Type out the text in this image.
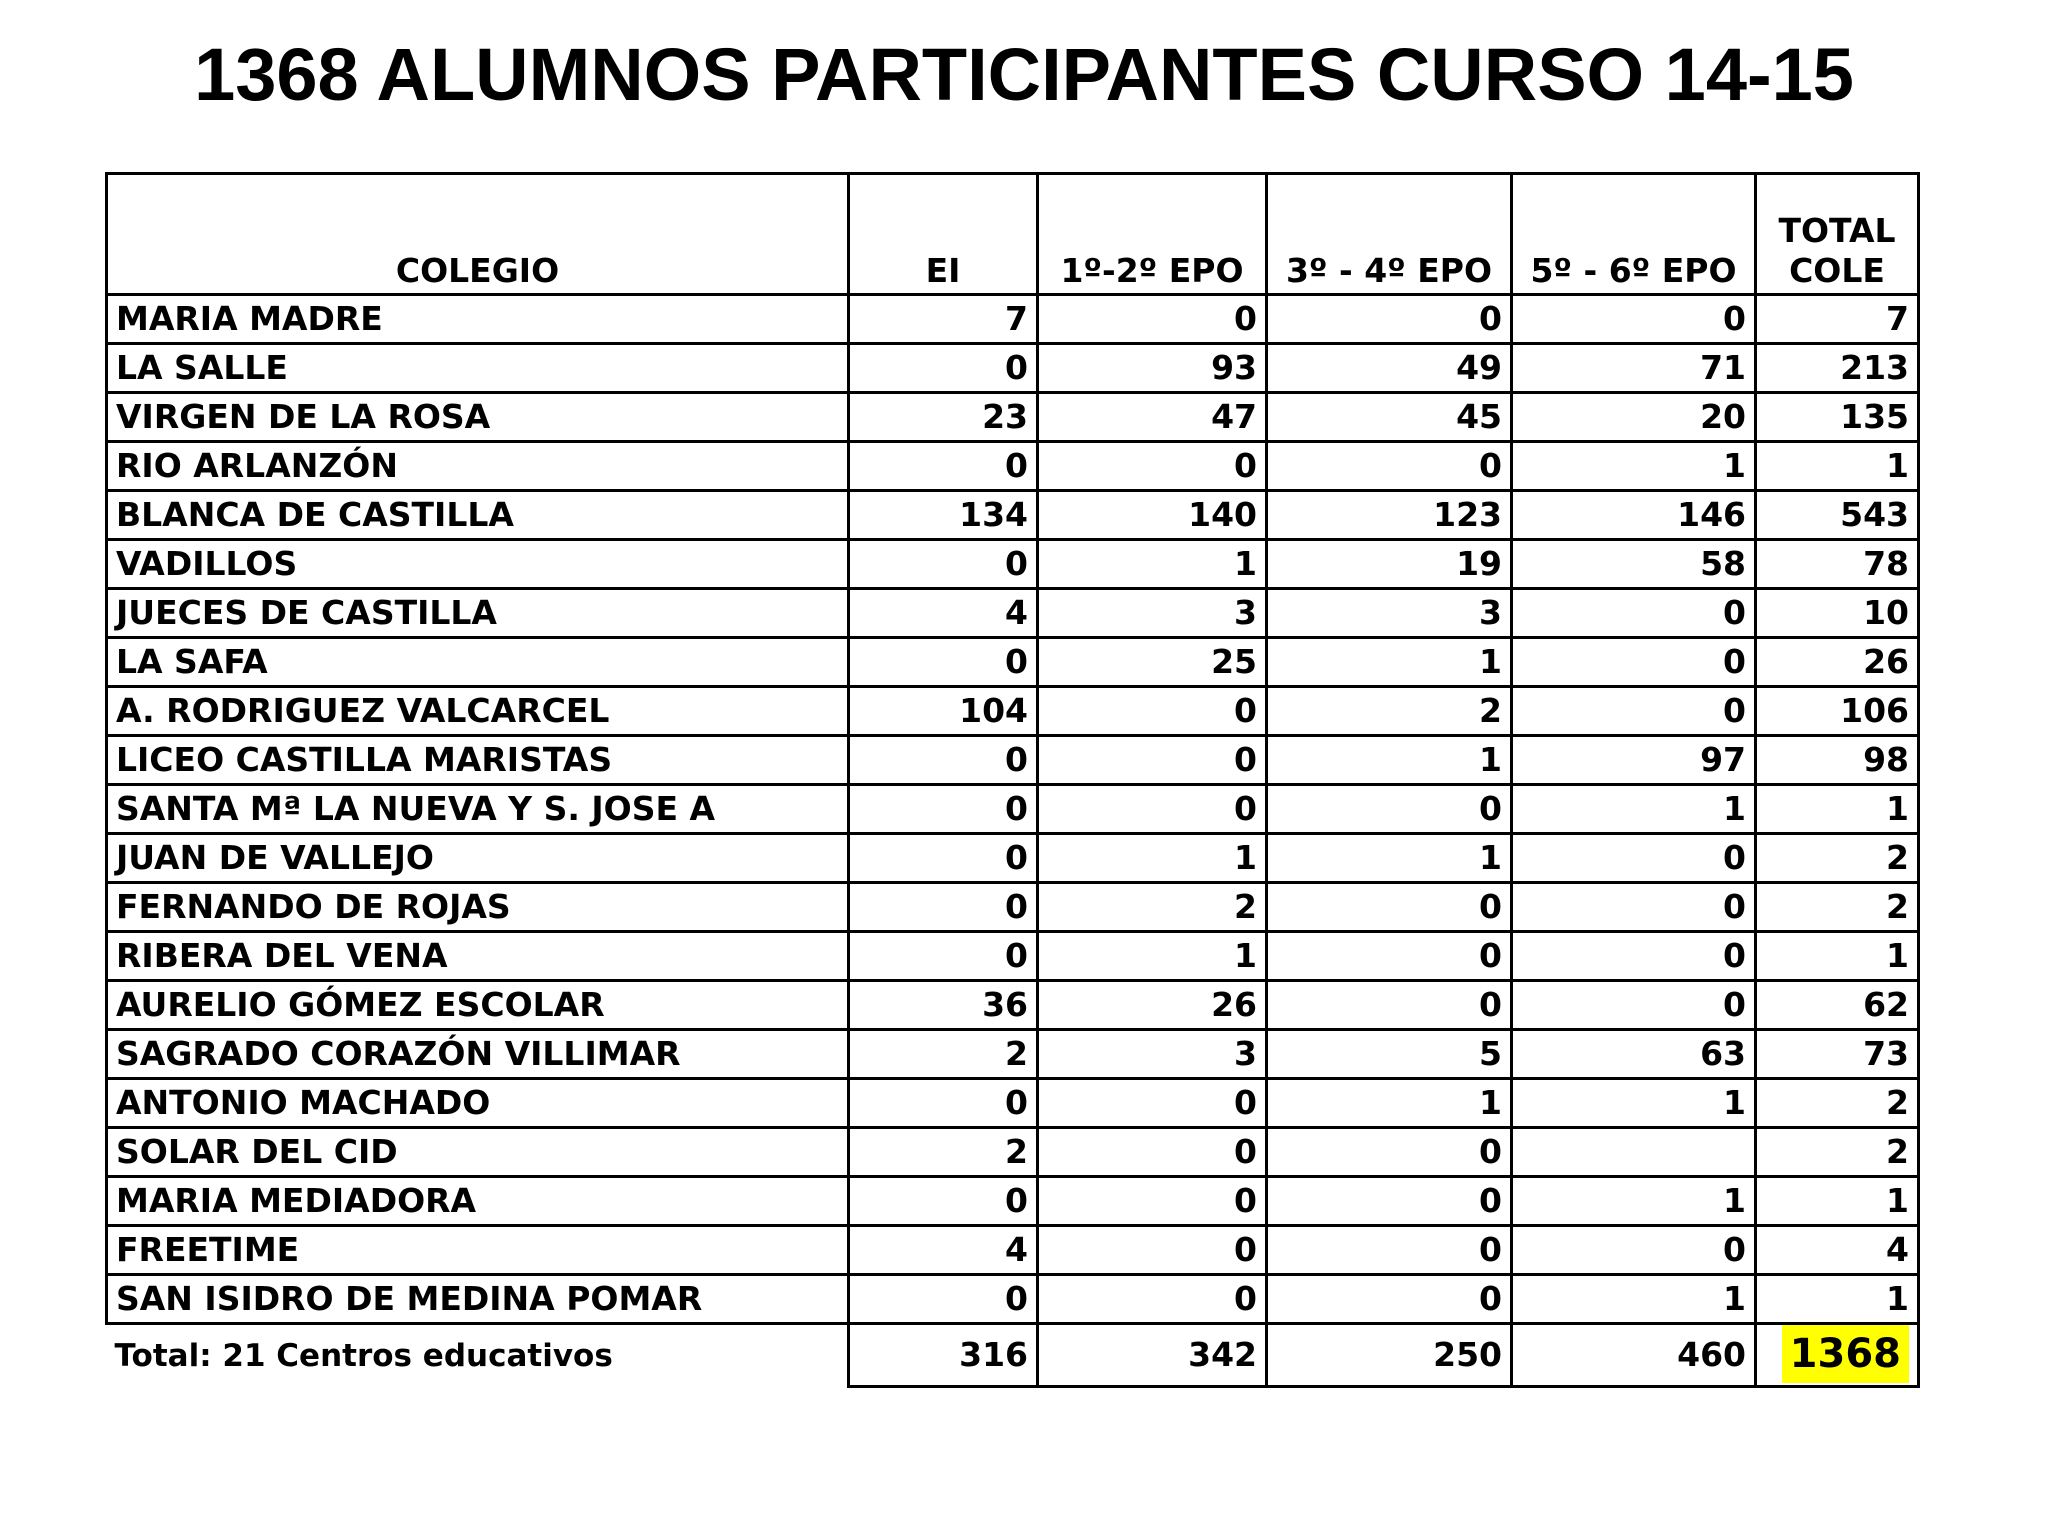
1368 ALUMNOS PARTICIPANTES CURSO 14-15
COLEGIO	EI	1º-2º EPO	3º - 4º EPO	5º - 6º EPO	TOTAL
COLE
MARIA MADRE	7	0	0	0	7
LA SALLE	0	93	49	71	213
VIRGEN DE LA ROSA	23	47	45	20	135
RIO ARLANZÓN	0	0	0	1	1
BLANCA DE CASTILLA	134	140	123	146	543
VADILLOS	0	1	19	58	78
JUECES DE CASTILLA	4	3	3	0	10
LA SAFA	0	25	1	0	26
A. RODRIGUEZ VALCARCEL	104	0	2	0	106
LICEO CASTILLA MARISTAS	0	0	1	97	98
SANTA Mª LA NUEVA Y S. JOSE A	0	0	0	1	1
JUAN DE VALLEJO	0	1	1	0	2
FERNANDO DE ROJAS	0	2	0	0	2
RIBERA DEL VENA	0	1	0	0	1
AURELIO GÓMEZ ESCOLAR	36	26	0	0	62
SAGRADO CORAZÓN VILLIMAR	2	3	5	63	73
ANTONIO MACHADO	0	0	1	1	2
SOLAR DEL CID	2	0	0		2
MARIA MEDIADORA	0	0	0	1	1
FREETIME	4	0	0	0	4
SAN ISIDRO DE MEDINA POMAR	0	0	0	1	1
Total: 21 Centros educativos	316	342	250	460	1368
